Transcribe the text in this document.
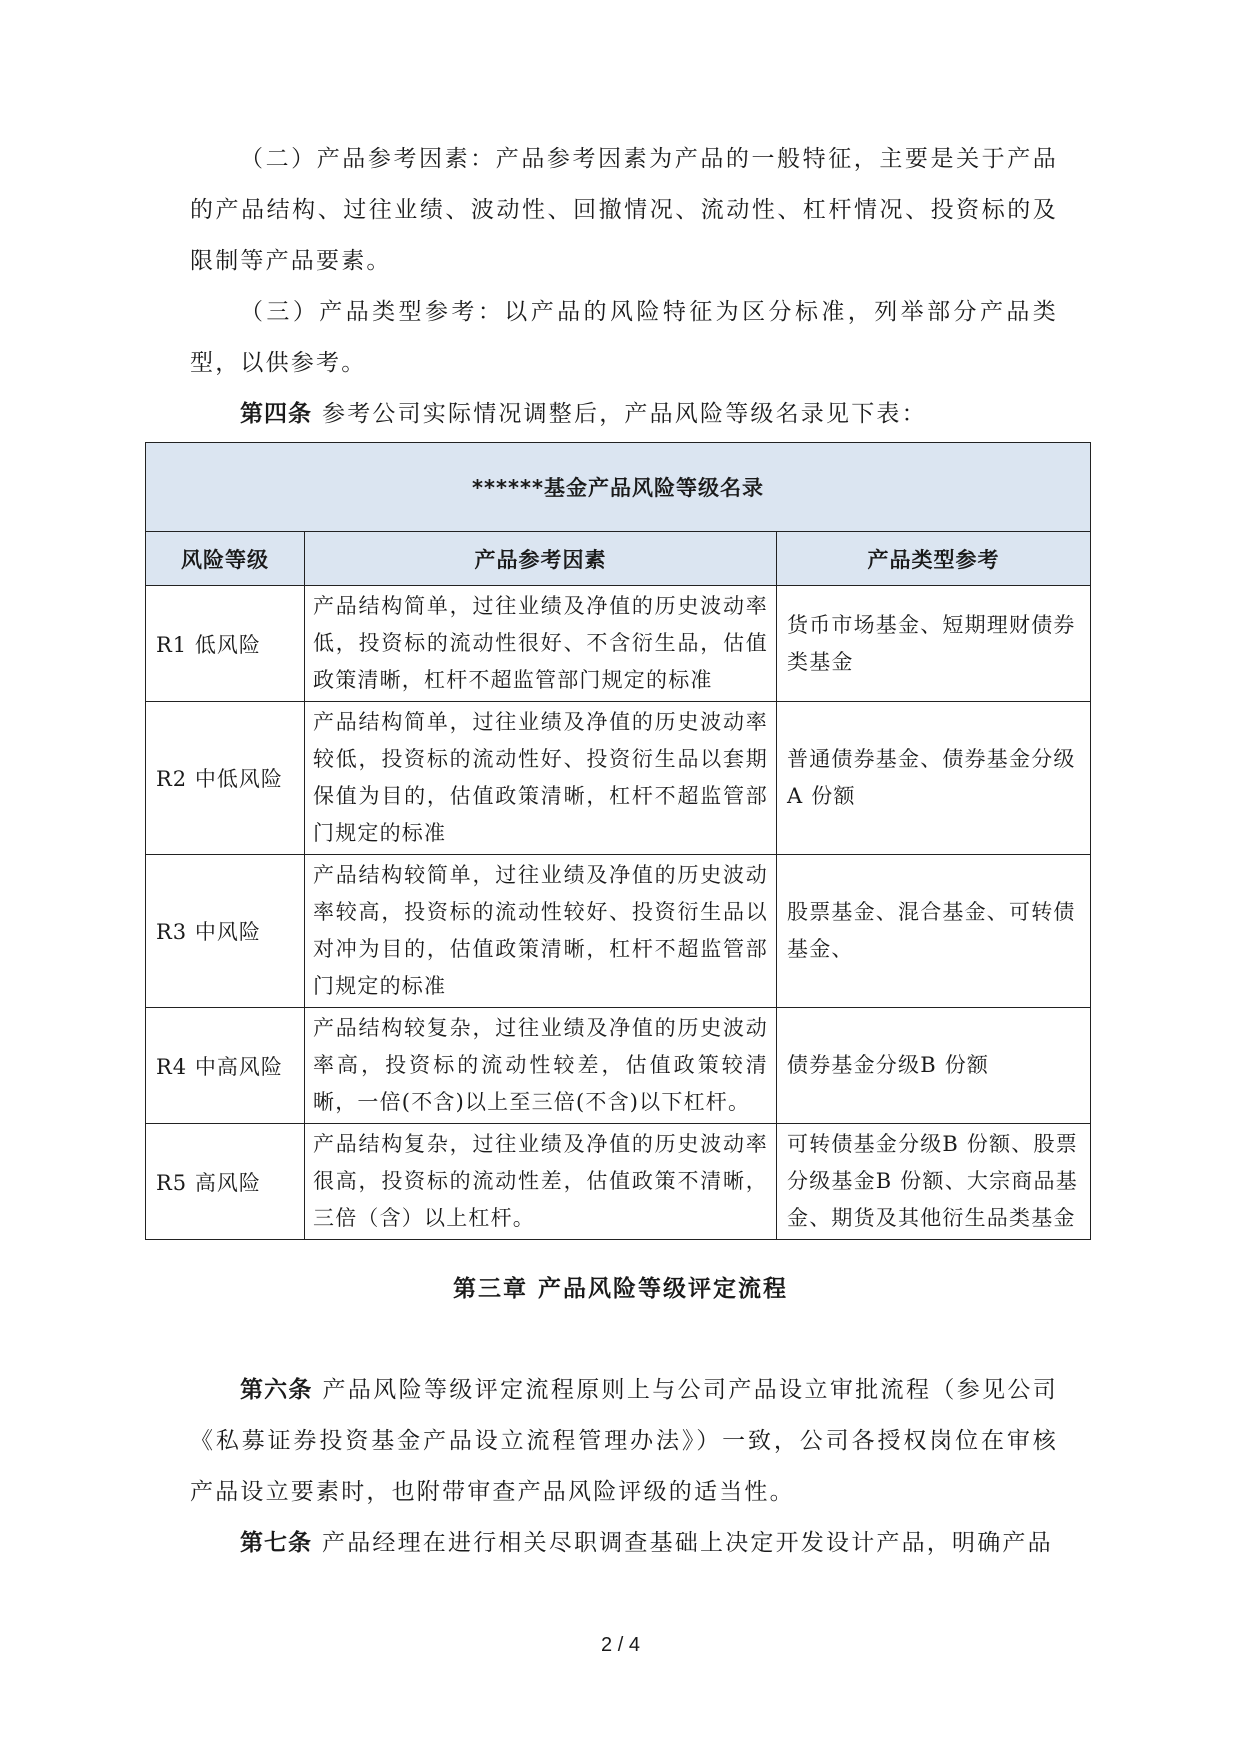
（二）产品参考因素：产品参考因素为产品的一般特征，主要是关于产品的产品结构、过往业绩、波动性、回撤情况、流动性、杠杆情况、投资标的及限制等产品要素。

（三）产品类型参考：以产品的风险特征为区分标准，列举部分产品类型，以供参考。

第四条 参考公司实际情况调整后，产品风险等级名录见下表：

******基金产品风险等级名录		
风险等级	产品参考因素	产品类型参考
R1 低风险	产品结构简单，过往业绩及净值的历史波动率低，投资标的流动性很好、不含衍生品，估值政策清晰，杠杆不超监管部门规定的标准	货币市场基金、短期理财债券类基金
R2 中低风险	产品结构简单，过往业绩及净值的历史波动率较低，投资标的流动性好、投资衍生品以套期保值为目的，估值政策清晰，杠杆不超监管部门规定的标准	普通债券基金、债券基金分级A 份额
R3 中风险	产品结构较简单，过往业绩及净值的历史波动率较高，投资标的流动性较好、投资衍生品以对冲为目的，估值政策清晰，杠杆不超监管部门规定的标准	股票基金、混合基金、可转债基金、
R4 中高风险	产品结构较复杂，过往业绩及净值的历史波动率高，投资标的流动性较差，估值政策较清晰，一倍(不含)以上至三倍(不含)以下杠杆。	债券基金分级B 份额
R5 高风险	产品结构复杂，过往业绩及净值的历史波动率很高，投资标的流动性差，估值政策不清晰，三倍（含）以上杠杆。	可转债基金分级B 份额、股票分级基金B 份额、大宗商品基金、期货及其他衍生品类基金
第三章 产品风险等级评定流程

第六条 产品风险等级评定流程原则上与公司产品设立审批流程（参见公司《私募证券投资基金产品设立流程管理办法》）一致，公司各授权岗位在审核产品设立要素时，也附带审查产品风险评级的适当性。

第七条 产品经理在进行相关尽职调查基础上决定开发设计产品，明确产品

2 / 4
